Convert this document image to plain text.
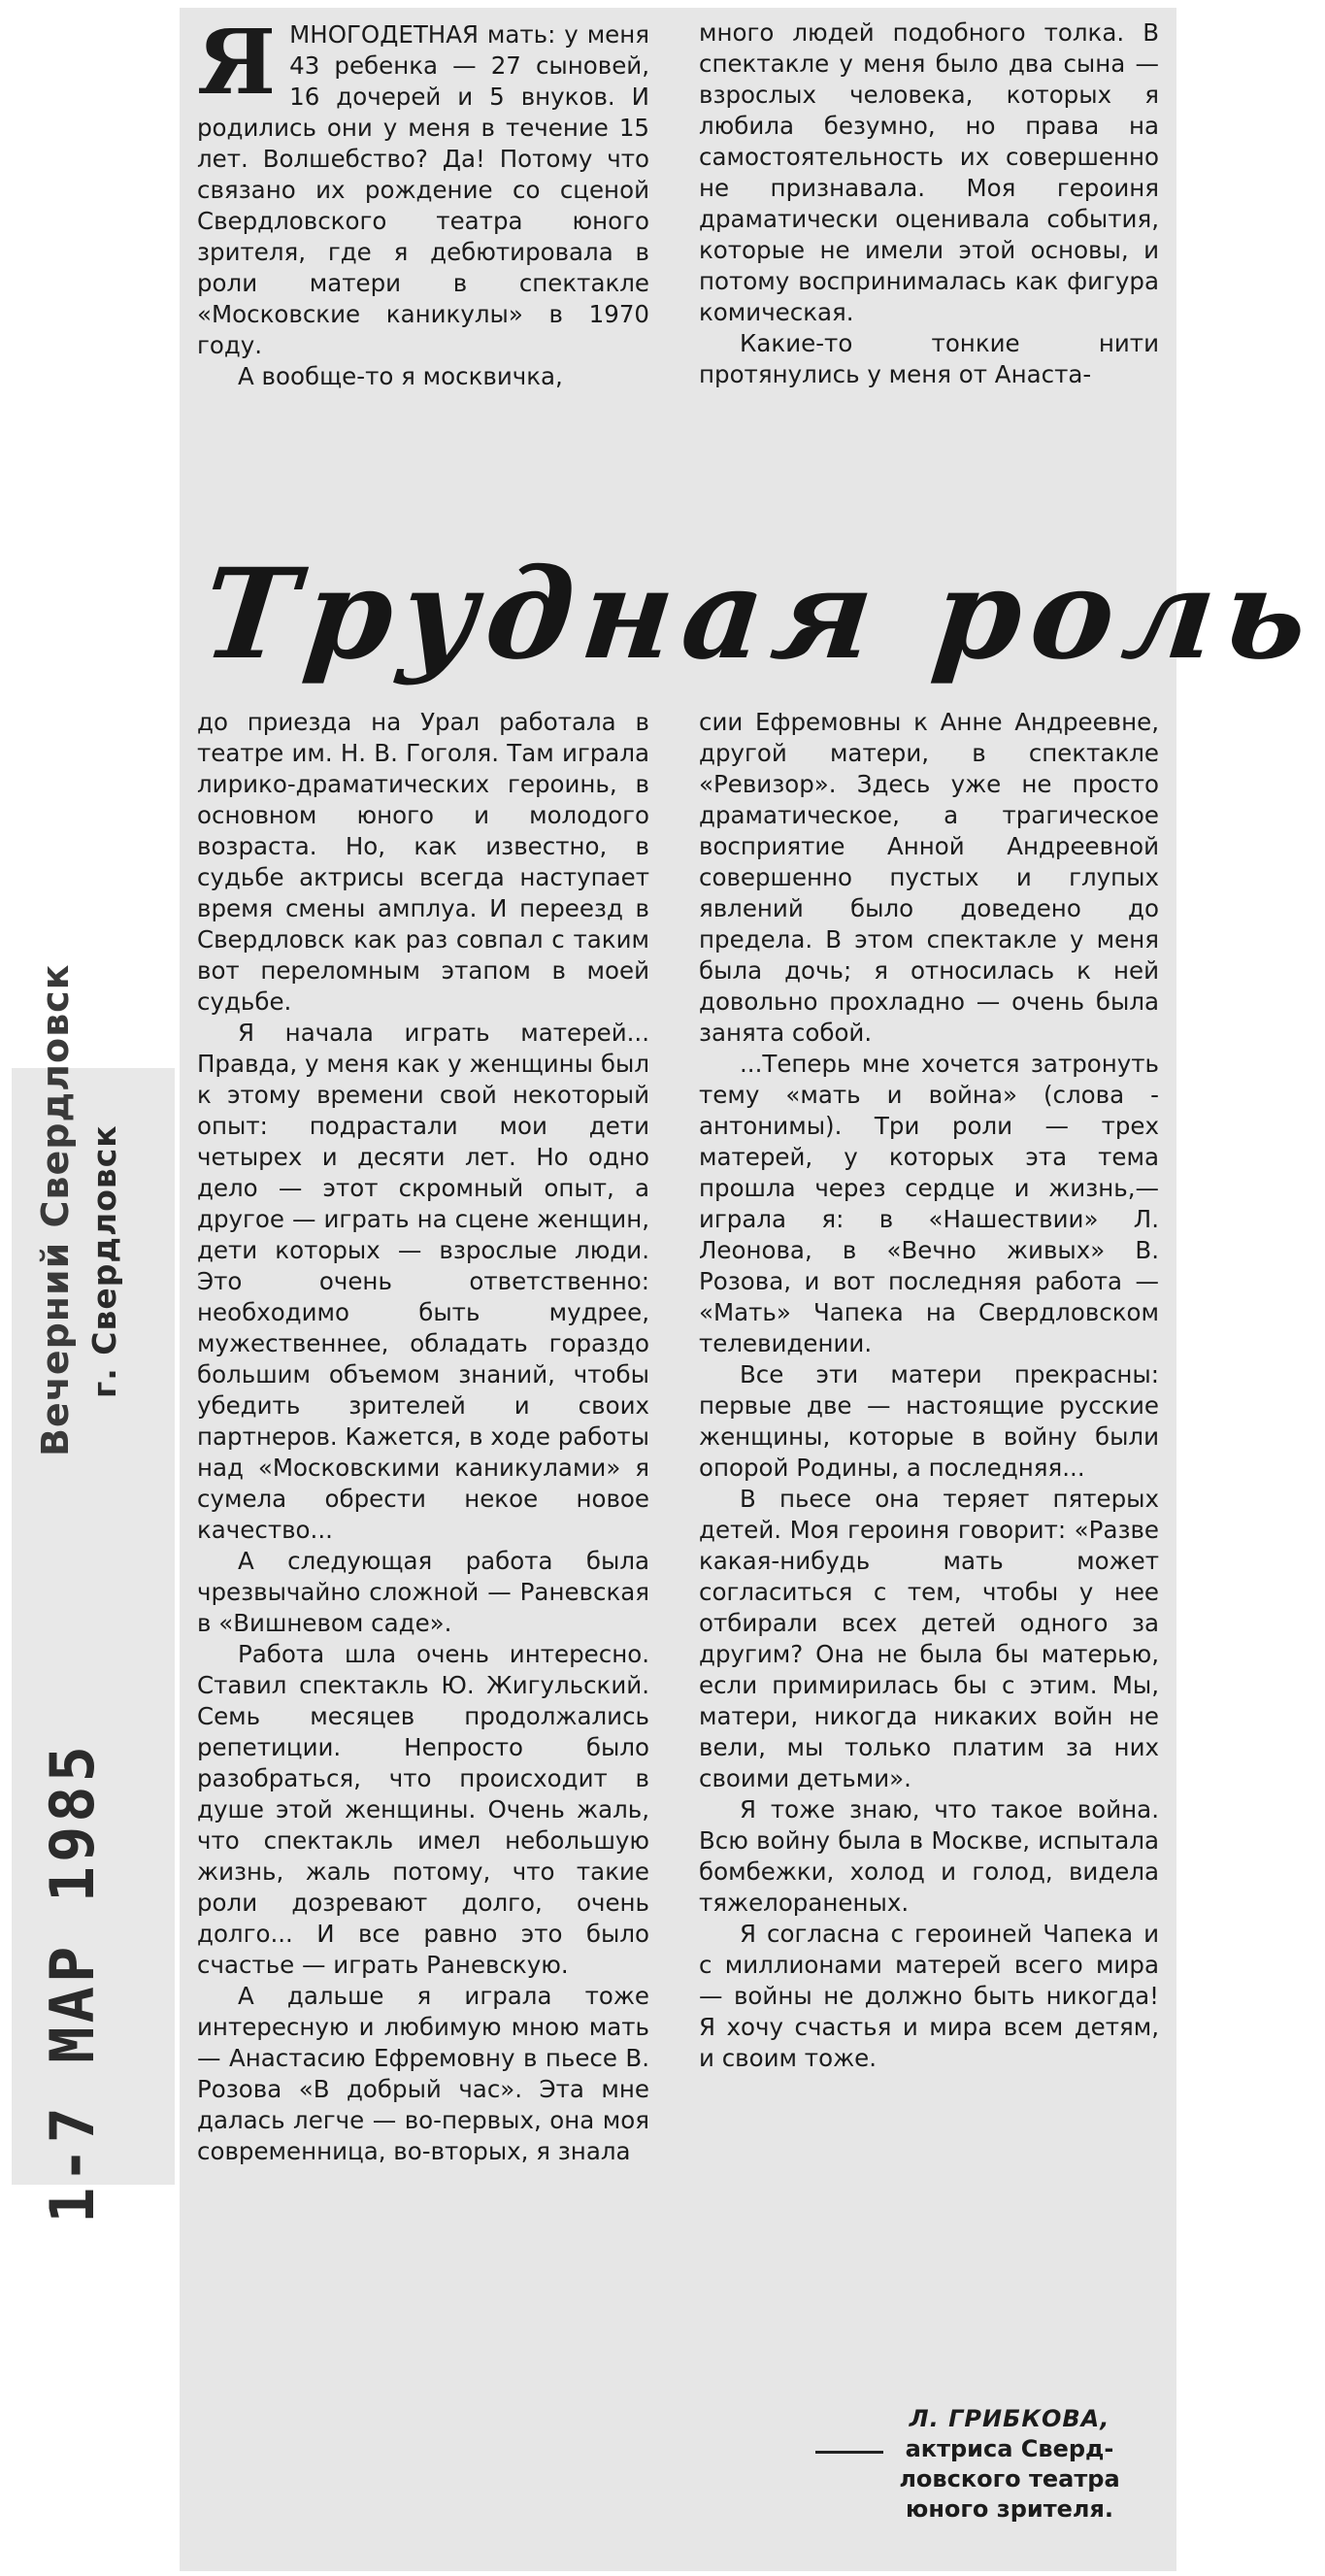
Вечерний Свердловск г. Свердловск
1-7 МАР 1985
Я МНОГОДЕТНАЯ мать: у меня 43 ребенка — 27 сыновей, 16 дочерей и 5 внуков. И родились они у меня в течение 15 лет. Волшебство? Да! Потому что связано их рождение со сценой Свердловского театра юного зрителя, где я дебютировала в роли матери в спектакле «Московские каникулы» в 1970 году.

А вообще-то я москвичка,

много людей подобного толка. В спектакле у меня было два сына — взрослых человека, которых я любила безумно, но права на самостоятельность их совершенно не признавала. Моя героиня драматически оценивала события, которые не имели этой основы, и потому воспринималась как фигура комическая.

Какие-то тонкие нити протянулись у меня от Анаста-

Трудная роль

до приезда на Урал работала в театре им. Н. В. Гоголя. Там играла лирико-драматических героинь, в основном юного и молодого возраста. Но, как известно, в судьбе актрисы всегда наступает время смены амплуа. И переезд в Свердловск как раз совпал с таким вот переломным этапом в моей судьбе.

Я начала играть матерей... Правда, у меня как у женщины был к этому времени свой некоторый опыт: подрастали мои дети четырех и десяти лет. Но одно дело — этот скромный опыт, а другое — играть на сцене женщин, дети которых — взрослые люди. Это очень ответственно: необходимо быть мудрее, мужественнее, обладать гораздо большим объемом знаний, чтобы убедить зрителей и своих партнеров. Кажется, в ходе работы над «Московскими каникулами» я сумела обрести некое новое качество...

А следующая работа была чрезвычайно сложной — Раневская в «Вишневом саде».

Работа шла очень интересно. Ставил спектакль Ю. Жигульский. Семь месяцев продолжались репетиции. Непросто было разобраться, что происходит в душе этой женщины. Очень жаль, что спектакль имел небольшую жизнь, жаль потому, что такие роли дозревают долго, очень долго... И все равно это было счастье — играть Раневскую.

А дальше я играла тоже интересную и любимую мною мать — Анастасию Ефремовну в пьесе В. Розова «В добрый час». Эта мне далась легче — во-первых, она моя современница, во-вторых, я знала

сии Ефремовны к Анне Андреевне, другой матери, в спектакле «Ревизор». Здесь уже не просто драматическое, а трагическое восприятие Анной Андреевной совершенно пустых и глупых явлений было доведено до предела. В этом спектакле у меня была дочь; я относилась к ней довольно прохладно — очень была занята собой.

...Теперь мне хочется затронуть тему «мать и война» (слова - антонимы). Три роли — трех матерей, у которых эта тема прошла через сердце и жизнь,—играла я: в «Нашествии» Л. Леонова, в «Вечно живых» В. Розова, и вот последняя работа — «Мать» Чапека на Свердловском телевидении.

Все эти матери прекрасны: первые две — настоящие русские женщины, которые в войну были опорой Родины, а последняя...

В пьесе она теряет пятерых детей. Моя героиня говорит: «Разве какая-нибудь мать может согласиться с тем, чтобы у нее отбирали всех детей одного за другим? Она не была бы матерью, если примирилась бы с этим. Мы, матери, никогда никаких войн не вели, мы только платим за них своими детьми».

Я тоже знаю, что такое война. Всю войну была в Москве, испытала бомбежки, холод и голод, видела тяжелораненых.

Я согласна с героиней Чапека и с миллионами матерей всего мира — войны не должно быть никогда! Я хочу счастья и мира всем детям, и своим тоже.

Л. ГРИБКОВА,
актриса Сверд-
ловского театра
юного зрителя.
